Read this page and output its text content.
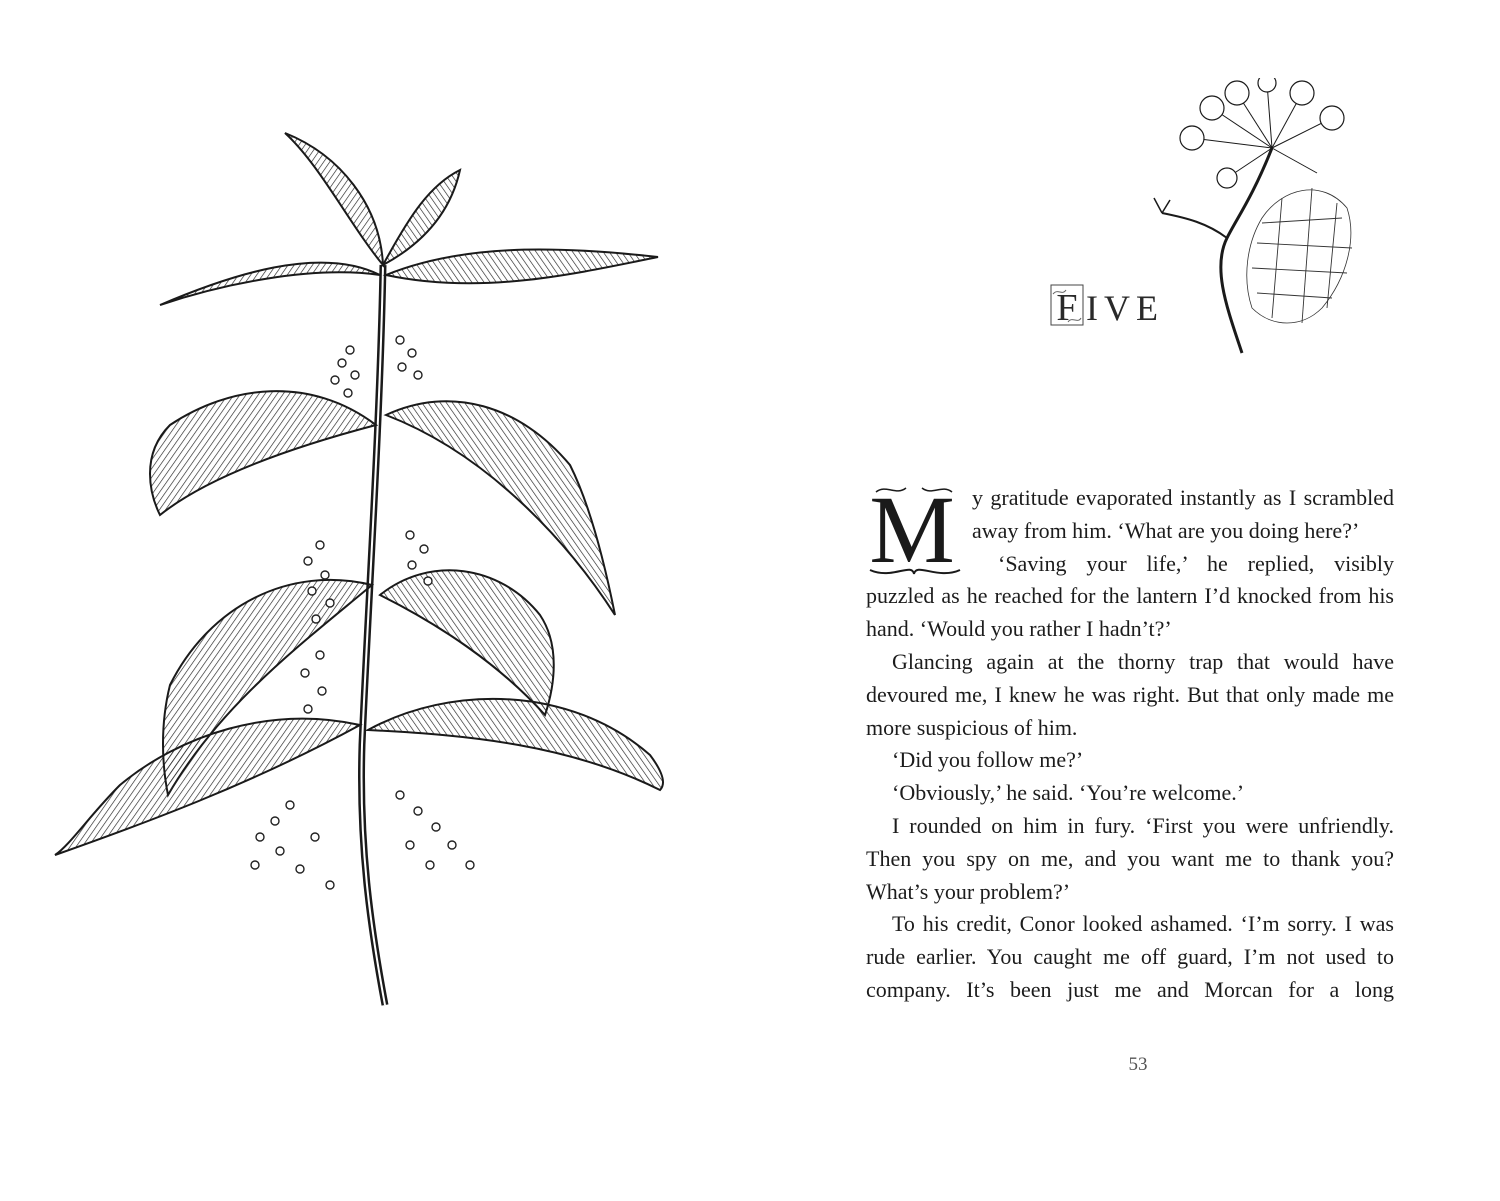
F IVE
M y gratitude evaporated instantly as I scrambled away from him. ‘What are you doing here?’

‘Saving your life,’ he replied, visibly puzzled as he reached for the lantern I’d knocked from his hand. ‘Would you rather I hadn’t?’

Glancing again at the thorny trap that would have devoured me, I knew he was right. But that only made me more suspicious of him.

‘Did you follow me?’

‘Obviously,’ he said. ‘You’re welcome.’

I rounded on him in fury. ‘First you were unfriendly. Then you spy on me, and you want me to thank you? What’s your problem?’

To his credit, Conor looked ashamed. ‘I’m sorry. I was rude earlier. You caught me off guard, I’m not used to company. It’s been just me and Morcan for a long

53
